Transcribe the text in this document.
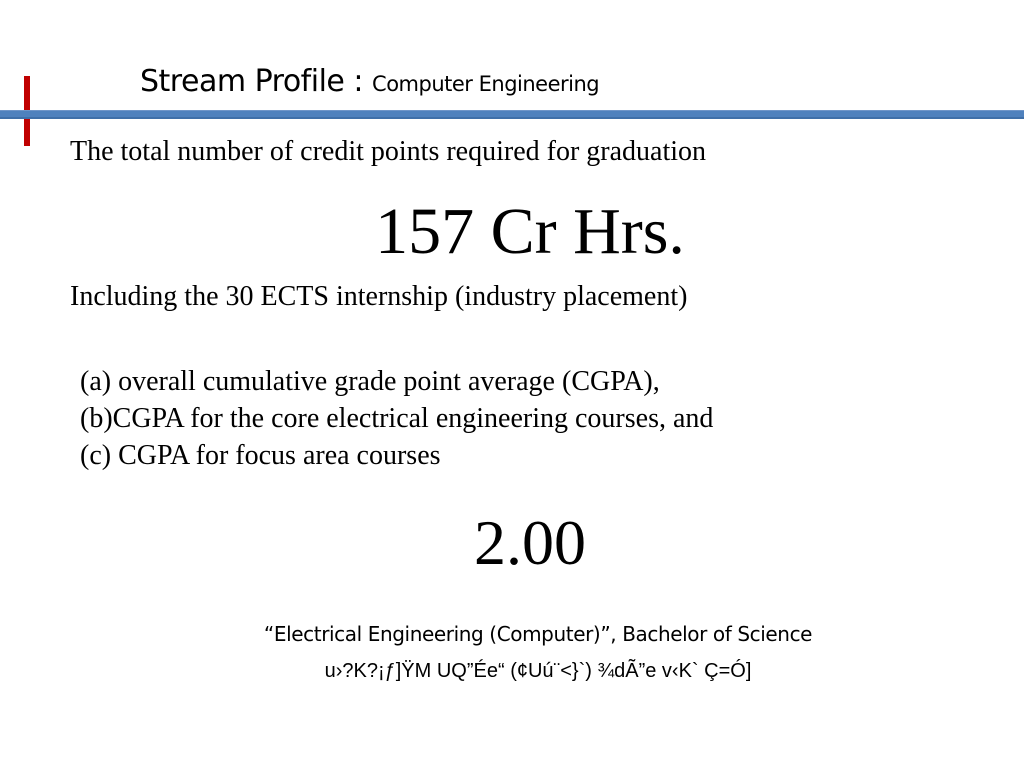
Stream Profile : Computer Engineering
The total number of credit points required for graduation
157 Cr Hrs.
Including the 30 ECTS internship (industry placement)
(a) overall cumulative grade point average (CGPA),
(b)CGPA for the core electrical engineering courses, and
(c) CGPA for focus area courses
2.00
“Electrical Engineering (Computer)”, Bachelor of Science
u›?K?¡ƒ]ŸM UQ”Ée“ (¢Uú¨<}`) ¾dÃ”e v‹K` Ç=Ó]
